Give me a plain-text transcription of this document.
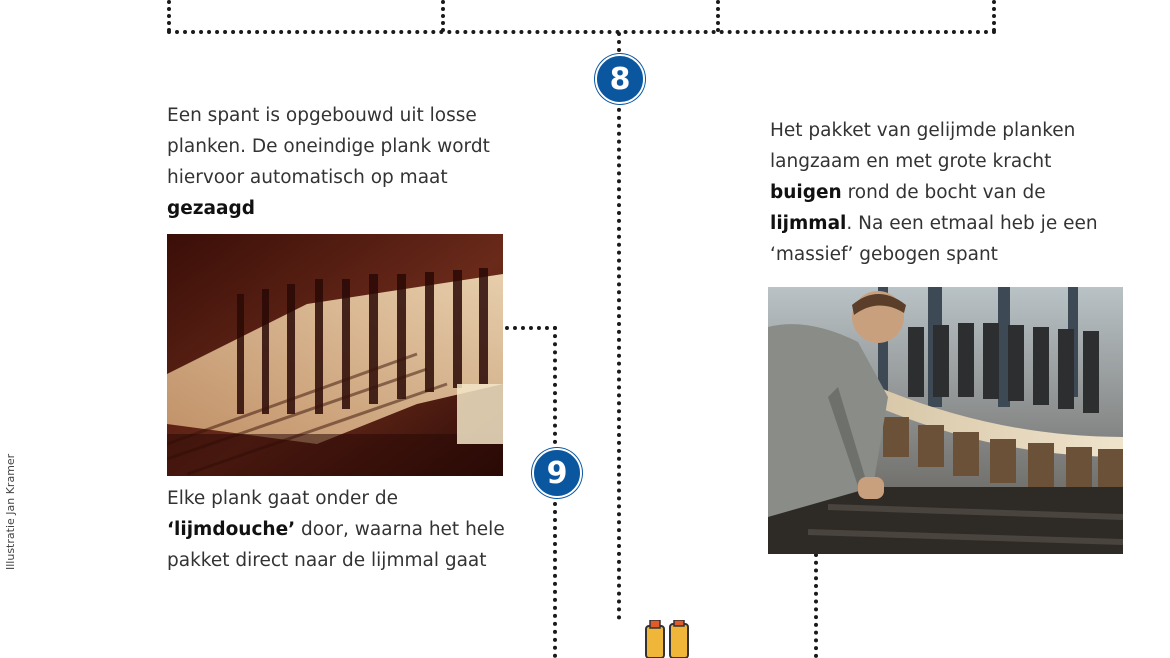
Illustratie Jan Kramer
8
9
Een spant is opgebouwd uit losse
planken. De oneindige plank wordt
hiervoor automatisch op maat
gezaagd
Elke plank gaat onder de
‘lijmdouche’ door, waarna het hele
pakket direct naar de lijmmal gaat
Het pakket van gelijmde planken
langzaam en met grote kracht
buigen rond de bocht van de
lijmmal. Na een etmaal heb je een
‘massief’ gebogen spant
